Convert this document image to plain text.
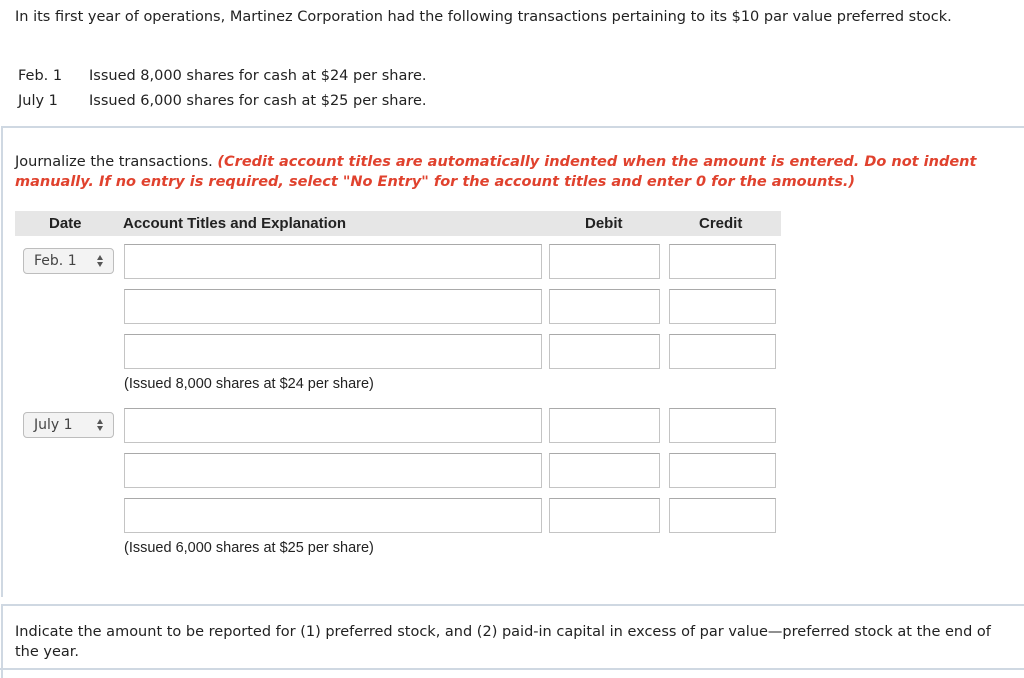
In its first year of operations, Martinez Corporation had the following transactions pertaining to its $10 par value preferred stock.
Feb. 1	Issued 8,000 shares for cash at $24 per share.
July 1	Issued 6,000 shares for cash at $25 per share.
Journalize the transactions. (Credit account titles are automatically indented when the amount is entered. Do not indent manually. If no entry is required, select "No Entry" for the account titles and enter 0 for the amounts.)
Date	Account Titles and Explanation	Debit	Credit
Feb. 1
(Issued 8,000 shares at $24 per share)
July 1
(Issued 6,000 shares at $25 per share)
Indicate the amount to be reported for (1) preferred stock, and (2) paid-in capital in excess of par value—preferred stock at the end of the year.
